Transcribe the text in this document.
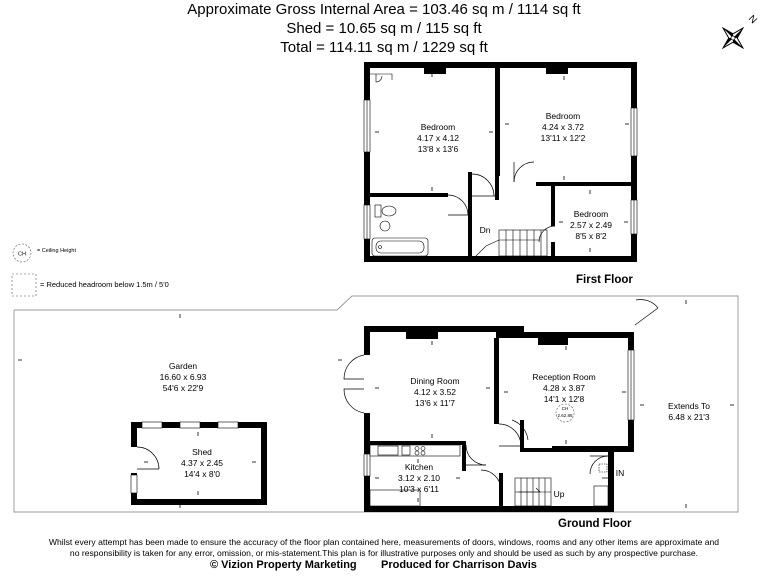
Approximate Gross Internal Area = 103.46 sq m / 1114 sq ft
Shed = 10.65 sq m / 115 sq ft
Total = 114.11 sq m / 1229 sq ft
N
CH
CH
2.62.85
Bedroom
4.17 x 4.12
13'8 x 13'6
Bedroom
4.24 x 3.72
13'11 x 12'2
Bedroom
2.57 x 2.49
8'5 x 8'2
Dn
Garden
16.60 x 6.93
54'6 x 22'9
Shed
4.37 x 2.45
14'4 x 8'0
Dining Room
4.12 x 3.52
13'6 x 11'7
Reception Room
4.28 x 3.87
14'1 x 12'8
Kitchen
3.12 x 2.10
10'3 x 6'11
Extends To
6.48 x 21'3
IN
Up
= Ceiling Height
= Reduced headroom below 1.5m / 5'0	First Floor
Ground Floor
Whilst every attempt has been made to ensure the accuracy of the floor plan contained here, measurements of doors, windows, rooms and any other items are approximate and
no responsibility is taken for any error, omission, or mis-statement.This plan is for illustrative purposes only and should be used as such by any prospective purchase.
© Vizion Property Marketing Produced for Charrison Davis
